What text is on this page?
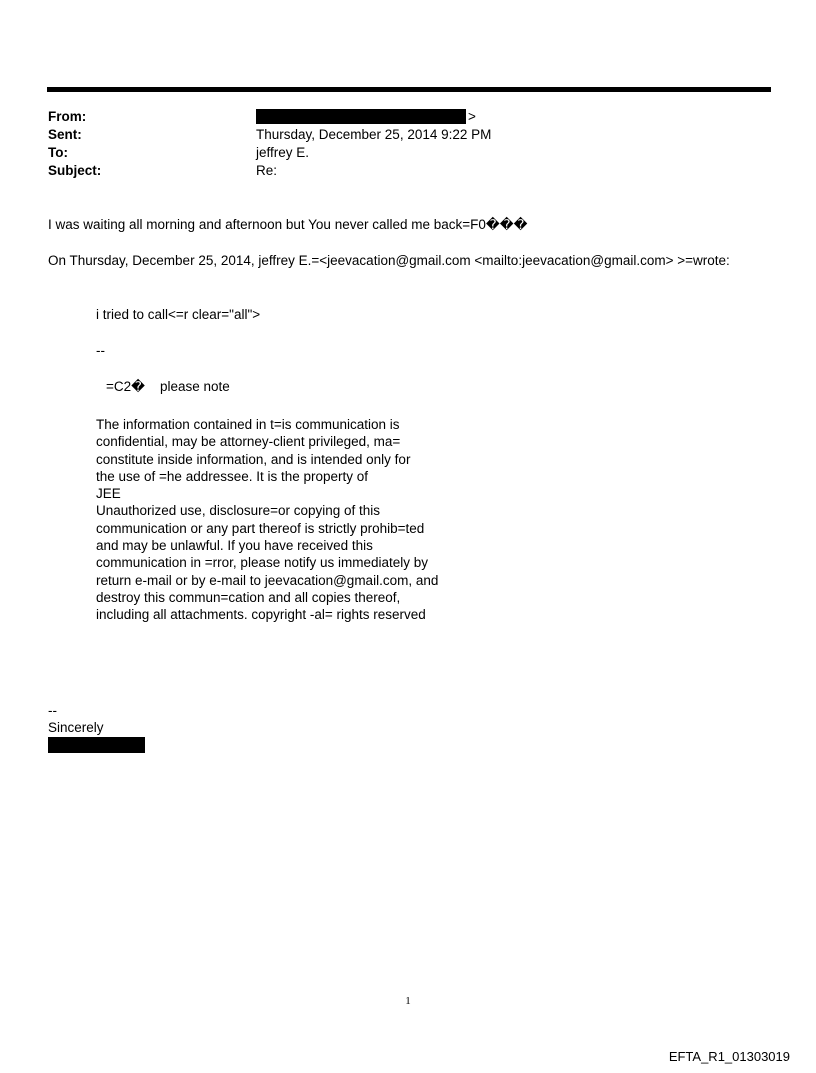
From:	>
Sent:	Thursday, December 25, 2014 9:22 PM
To:	jeffrey E.
Subject:	Re:
I was waiting all morning and afternoon but You never called me back=F0���
On Thursday, December 25, 2014, jeffrey E.=<jeevacation@gmail.com <mailto:jeevacation@gmail.com> >=wrote:
i tried to call<=r clear="all">
--
=C2�    please note
The information contained in t=is communication is
confidential, may be attorney-client privileged, ma=
constitute inside information, and is intended only for
the use of =he addressee. It is the property of
JEE
Unauthorized use, disclosure=or copying of this
communication or any part thereof is strictly prohib=ted
and may be unlawful. If you have received this
communication in =rror, please notify us immediately by
return e-mail or by e-mail to jeevacation@gmail.com, and
destroy this commun=cation and all copies thereof,
including all attachments. copyright -al= rights reserved
--
Sincerely
1
EFTA_R1_01303019
